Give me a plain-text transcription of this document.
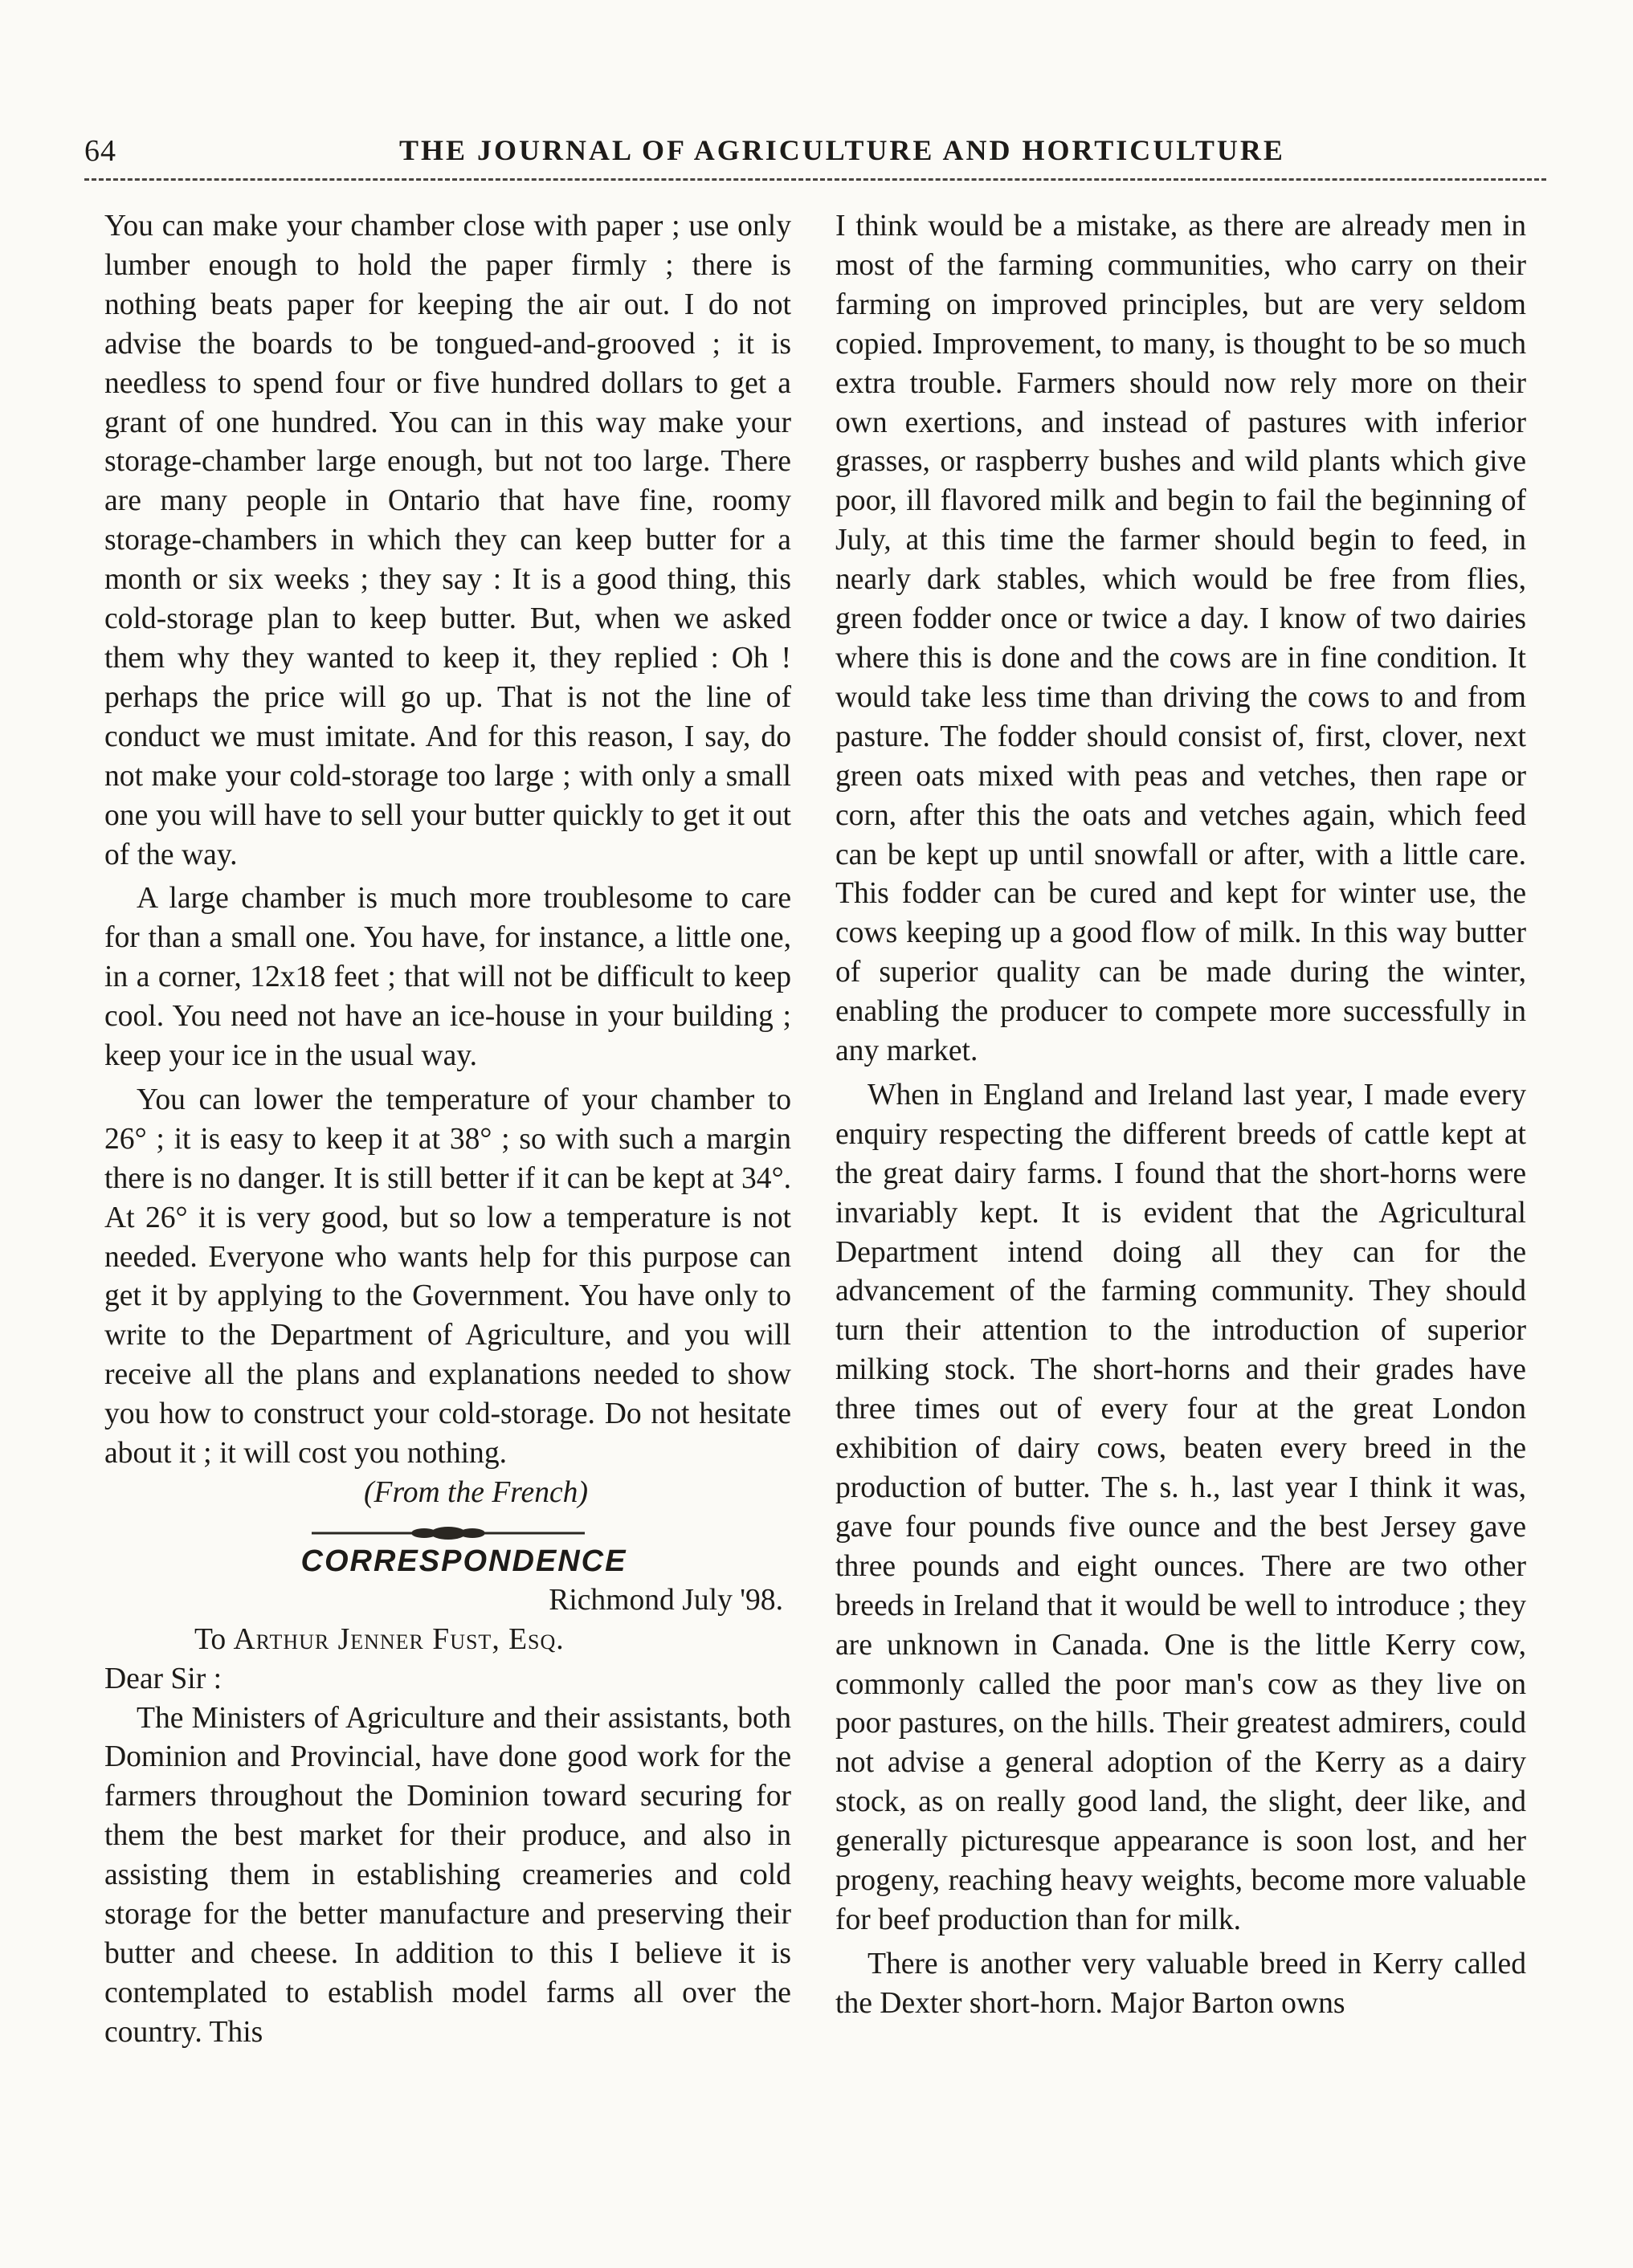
64	THE JOURNAL OF AGRICULTURE AND HORTICULTURE

You can make your chamber close with paper ; use only lumber enough to hold the paper firmly ; there is nothing beats paper for keeping the air out. I do not advise the boards to be tongued-and-grooved ; it is needless to spend four or five hundred dollars to get a grant of one hundred. You can in this way make your storage-chamber large enough, but not too large. There are many people in Ontario that have fine, roomy storage-chambers in which they can keep butter for a month or six weeks ; they say : It is a good thing, this cold-storage plan to keep butter. But, when we asked them why they wanted to keep it, they replied : Oh ! perhaps the price will go up. That is not the line of conduct we must imitate. And for this reason, I say, do not make your cold-storage too large ; with only a small one you will have to sell your butter quickly to get it out of the way.

A large chamber is much more troublesome to care for than a small one. You have, for instance, a little one, in a corner, 12x18 feet ; that will not be difficult to keep cool. You need not have an ice-house in your building ; keep your ice in the usual way.

You can lower the temperature of your chamber to 26° ; it is easy to keep it at 38° ; so with such a margin there is no danger. It is still better if it can be kept at 34°. At 26° it is very good, but so low a temperature is not needed. Everyone who wants help for this purpose can get it by applying to the Government. You have only to write to the Department of Agriculture, and you will receive all the plans and explanations needed to show you how to construct your cold-storage. Do not hesitate about it ; it will cost you nothing.

(From the French)

CORRESPONDENCE

Richmond July '98.

To Arthur Jenner Fust, Esq.

Dear Sir :

The Ministers of Agriculture and their assistants, both Dominion and Provincial, have done good work for the farmers throughout the Dominion toward securing for them the best market for their produce, and also in assisting them in establishing creameries and cold storage for the better manufacture and preserving their butter and cheese. In addition to this I believe it is contemplated to establish model farms all over the country. This

I think would be a mistake, as there are already men in most of the farming communities, who carry on their farming on improved principles, but are very seldom copied. Improvement, to many, is thought to be so much extra trouble. Farmers should now rely more on their own exertions, and instead of pastures with inferior grasses, or raspberry bushes and wild plants which give poor, ill flavored milk and begin to fail the beginning of July, at this time the farmer should begin to feed, in nearly dark stables, which would be free from flies, green fodder once or twice a day. I know of two dairies where this is done and the cows are in fine condition. It would take less time than driving the cows to and from pasture. The fodder should consist of, first, clover, next green oats mixed with peas and vetches, then rape or corn, after this the oats and vetches again, which feed can be kept up until snowfall or after, with a little care. This fodder can be cured and kept for winter use, the cows keeping up a good flow of milk. In this way butter of superior quality can be made during the winter, enabling the producer to compete more successfully in any market.

When in England and Ireland last year, I made every enquiry respecting the different breeds of cattle kept at the great dairy farms. I found that the short-horns were invariably kept. It is evident that the Agricultural Department intend doing all they can for the advancement of the farming community. They should turn their attention to the introduction of superior milking stock. The short-horns and their grades have three times out of every four at the great London exhibition of dairy cows, beaten every breed in the production of butter. The s. h., last year I think it was, gave four pounds five ounce and the best Jersey gave three pounds and eight ounces. There are two other breeds in Ireland that it would be well to introduce ; they are unknown in Canada. One is the little Kerry cow, commonly called the poor man's cow as they live on poor pastures, on the hills. Their greatest admirers, could not advise a general adoption of the Kerry as a dairy stock, as on really good land, the slight, deer like, and generally picturesque appearance is soon lost, and her progeny, reaching heavy weights, become more valuable for beef production than for milk.

There is another very valuable breed in Kerry called the Dexter short-horn. Major Barton owns
